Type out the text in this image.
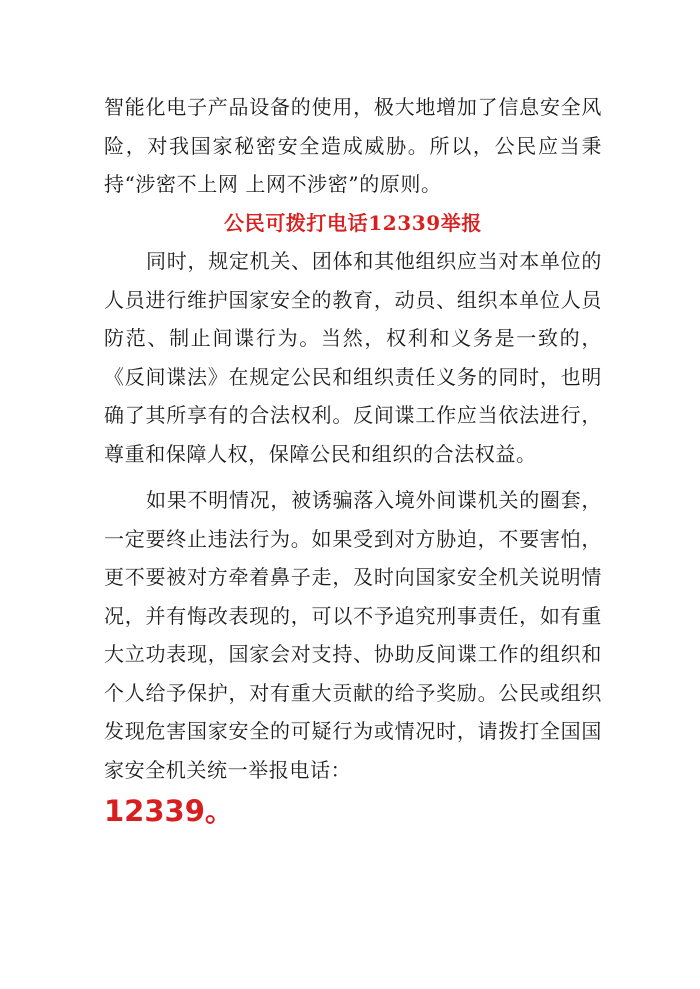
智能化电子产品设备的使用，极大地增加了信息安全风险，对我国家秘密安全造成威胁。所以，公民应当秉持“涉密不上网 上网不涉密”的原则。

公民可拨打电话12339举报

同时，规定机关、团体和其他组织应当对本单位的人员进行维护国家安全的教育，动员、组织本单位人员防范、制止间谍行为。当然，权利和义务是一致的，《反间谍法》在规定公民和组织责任义务的同时，也明确了其所享有的合法权利。反间谍工作应当依法进行，尊重和保障人权，保障公民和组织的合法权益。

如果不明情况，被诱骗落入境外间谍机关的圈套，一定要终止违法行为。如果受到对方胁迫，不要害怕，更不要被对方牵着鼻子走，及时向国家安全机关说明情况，并有悔改表现的，可以不予追究刑事责任，如有重大立功表现，国家会对支持、协助反间谍工作的组织和个人给予保护，对有重大贡献的给予奖励。公民或组织发现危害国家安全的可疑行为或情况时，请拨打全国国家安全机关统一举报电话：

12339。
